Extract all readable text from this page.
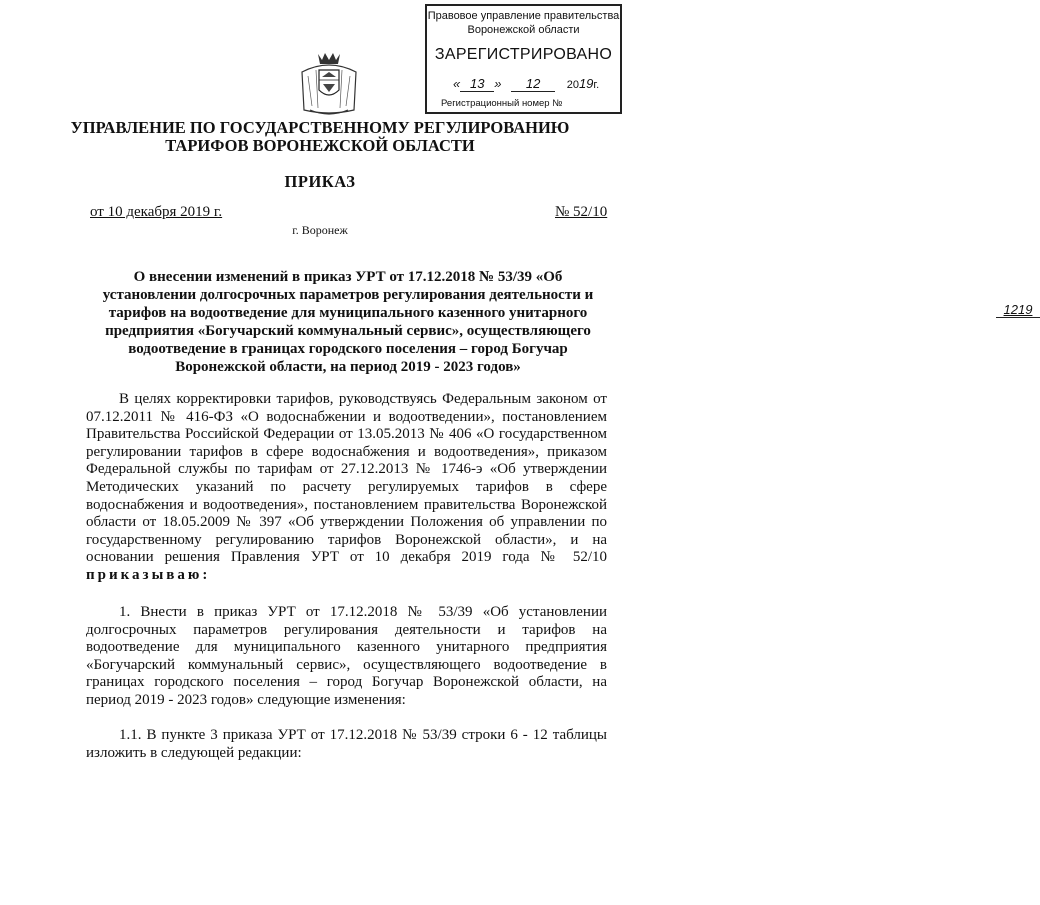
Правовое управление правительства
Воронежской области
ЗАРЕГИСТРИРОВАНО
« 13 » 12 2019г.
Регистрационный номер №
1219
УПРАВЛЕНИЕ ПО ГОСУДАРСТВЕННОМУ РЕГУЛИРОВАНИЮ
ТАРИФОВ ВОРОНЕЖСКОЙ ОБЛАСТИ
ПРИКАЗ
от 10 декабря 2019 г.	№ 52/10
г. Воронеж
О внесении изменений в приказ УРТ от 17.12.2018 № 53/39 «Об установлении долгосрочных параметров регулирования деятельности и тарифов на водоотведение для муниципального казенного унитарного предприятия «Богучарский коммунальный сервис», осуществляющего водоотведение в границах городского поселения – город Богучар Воронежской области, на период 2019 - 2023 годов»
В целях корректировки тарифов, руководствуясь Федеральным законом от 07.12.2011 № 416-ФЗ «О водоснабжении и водоотведении», постановлением Правительства Российской Федерации от 13.05.2013 № 406 «О государственном регулировании тарифов в сфере водоснабжения и водоотведения», приказом Федеральной службы по тарифам от 27.12.2013 № 1746-э «Об утверждении Методических указаний по расчету регулируемых тарифов в сфере водоснабжения и водоотведения», постановлением правительства Воронежской области от 18.05.2009 № 397 «Об утверждении Положения об управлении по государственному регулированию тарифов Воронежской области», и на основании решения Правления УРТ от 10 декабря 2019 года № 52/10 приказываю:
1. Внести в приказ УРТ от 17.12.2018 № 53/39 «Об установлении долгосрочных параметров регулирования деятельности и тарифов на водоотведение для муниципального казенного унитарного предприятия «Богучарский коммунальный сервис», осуществляющего водоотведение в границах городского поселения – город Богучар Воронежской области, на период 2019 - 2023 годов» следующие изменения:
1.1. В пункте 3 приказа УРТ от 17.12.2018 № 53/39 строки 6 - 12 таблицы изложить в следующей редакции:
